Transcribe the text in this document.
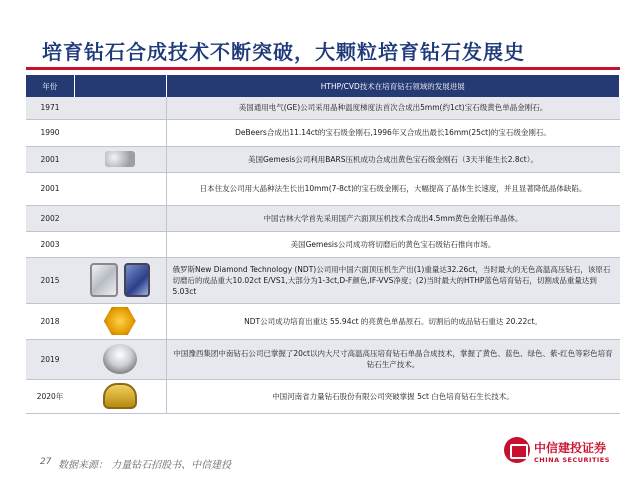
培育钻石合成技术不断突破，大颗粒培育钻石发展史
年份		HTHP/CVD技术在培育钻石领域的发展进展
1971		美国通用电气(GE)公司采用晶种温度梯度法首次合成出5mm(约1ct)宝石级黄色单晶金刚石。
1990		DeBeers合成出11.14ct的宝石级金刚石,1996年又合成出最长16mm(25ct)的宝石级金刚石。
2001		美国Gemesis公司利用BARS压机成功合成出黄色宝石级金刚石（3天半能生长2.8ct）。
2001		日本住友公司用大晶种法生长出10mm(7-8ct)的宝石级金刚石，大幅提高了晶体生长速度，并且显著降低晶体缺陷。
2002		中国吉林大学首先采用国产六面顶压机技术合成出4.5mm黄色金刚石单晶体。
2003		美国Gemesis公司成功将切磨后的黄色宝石级钻石推向市场。
2015		俄罗斯New Diamond Technology (NDT)公司用中国六面顶压机生产出(1)重量达32.26ct，当时最大的无色高温高压钻石，该原石切磨后的成品重大10.02ct E/VS1,大部分为1-3ct,D-F颜色,IF-VVS净度；(2)当时最大的HTHP蓝色培育钻石，切割成品重量达到5.03ct
2018		NDT公司成功培育出重达 55.94ct 的亮黄色单晶原石。切割后的成品钻石重达 20.22ct。
2019		中国豫西集团中南钻石公司已掌握了20ct以内大尺寸高温高压培育钻石单晶合成技术，掌握了黄色、蓝色、绿色、紫-红色等彩色培育钻石生产技术。
2020年		中国河南省力量钻石股份有限公司突破掌握 5ct 白色培育钻石生长技术。
27 数据来源： 力量钻石招股书、中信建投
中信建投证券
CHINA SECURITIES
